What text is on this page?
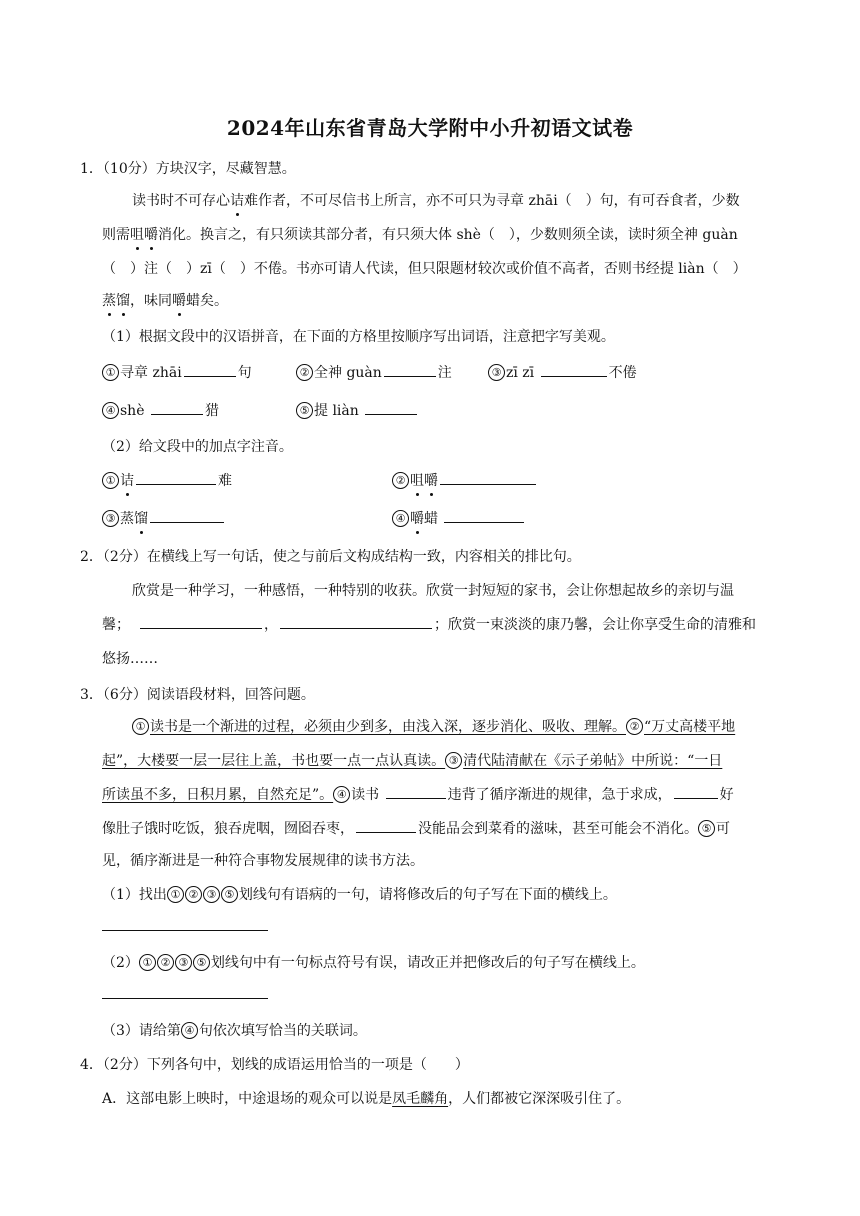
2024年山东省青岛大学附中小升初语文试卷
1．（10分）方块汉字，尽藏智慧。
读书时不可存心诘难作者，不可尽信书上所言，亦不可只为寻章 zhāi（　）句，有可吞食者，少数
则需咀嚼消化。换言之，有只须读其部分者，有只须大体 shè（　），少数则须全读，读时须全神 guàn
（　）注（　）zī（　）不倦。书亦可请人代读，但只限题材较次或价值不高者，否则书经提 liàn（　）
蒸馏，味同嚼蜡矣。
（1）根据文段中的汉语拼音，在下面的方格里按顺序写出词语，注意把字写美观。
① 寻章 zhāi	句	② 全神 guàn	注	③ zī zī	不倦
④ shè	猎	⑤ 提 liàn
（2）给文段中的加点字注音。
① 诘	难	② 咀嚼
③ 蒸馏	④ 嚼蜡
2．（2分）在横线上写一句话，使之与前后文构成结构一致，内容相关的排比句。
欣赏是一种学习，一种感悟，一种特别的收获。欣赏一封短短的家书，会让你想起故乡的亲切与温
馨；	，	；欣赏一束淡淡的康乃馨，会让你享受生命的清雅和
悠扬……
3．（6分）阅读语段材料，回答问题。
① 读书是一个渐进的过程，必须由少到多，由浅入深，逐步消化、吸收、理解。 ② “万丈高楼平地
起”，大楼要一层一层往上盖，书也要一点一点认真读。 ③ 清代陆清献在《示子弟帖》中所说：“一日
所读虽不多，日积月累，自然充足”。 ④ 读书	违背了循序渐进的规律，急于求成，	好
像肚子饿时吃饭，狼吞虎咽，囫囵吞枣，	没能品会到菜肴的滋味，甚至可能会不消化。 ⑤ 可
见，循序渐进是一种符合事物发展规律的读书方法。
（1）找出 ① ② ③ ⑤ 划线句有语病的一句，请将修改后的句子写在下面的横线上。
（2） ① ② ③ ⑤ 划线句中有一句标点符号有误，请改正并把修改后的句子写在横线上。
（3）请给第 ④ 句依次填写恰当的关联词。
4．（2分）下列各句中，划线的成语运用恰当的一项是（　　）
A．这部电影上映时，中途退场的观众可以说是凤毛麟角，人们都被它深深吸引住了。
